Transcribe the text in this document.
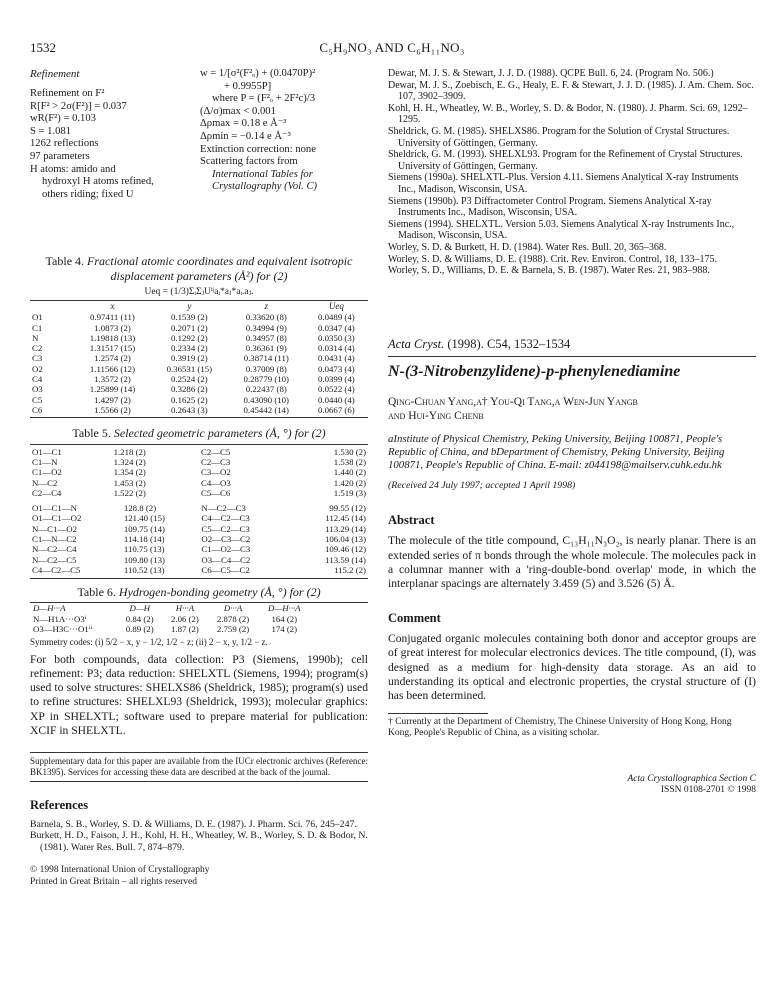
1532	C₅H₉NO₃ AND C₆H₁₁NO₃
Refinement
Refinement on F²
R[F² > 2σ(F²)] = 0.037
wR(F²) = 0.103
S = 1.081
1262 reflections
97 parameters
H atoms: amido and
hydroxyl H atoms refined,
others riding; fixed U
w = 1/[σ²(F²ₒ) + (0.0470P)²
+ 0.9955P]
where P = (F²ₒ + 2F²c)/3
(Δ/σ)max < 0.001
Δρmax = 0.18 e Å⁻³
Δρmin = −0.14 e Å⁻³
Extinction correction: none
Scattering factors from
International Tables for
Crystallography (Vol. C)
Table 4. Fractional atomic coordinates and equivalent isotropic displacement parameters (Å²) for (2)
Ueq = (1/3)ΣᵢΣⱼUⁱʲaᵢ*aⱼ*aᵢ.aⱼ.
	x	y	z	Ueq
O1	0.97411 (11)	0.1539 (2)	0.33620 (8)	0.0489 (4)
C1	1.0873 (2)	0.2071 (2)	0.34994 (9)	0.0347 (4)
N	1.19818 (13)	0.1292 (2)	0.34957 (8)	0.0350 (3)
C2	1.31517 (15)	0.2334 (2)	0.36361 (9)	0.0314 (4)
C3	1.2574 (2)	0.3919 (2)	0.38714 (11)	0.0431 (4)
O2	1.11566 (12)	0.36531 (15)	0.37009 (8)	0.0473 (4)
C4	1.3572 (2)	0.2524 (2)	0.28779 (10)	0.0399 (4)
O3	1.25899 (14)	0.3286 (2)	0.22437 (8)	0.0522 (4)
C5	1.4297 (2)	0.1625 (2)	0.43090 (10)	0.0440 (4)
C6	1.5566 (2)	0.2643 (3)	0.45442 (14)	0.0667 (6)
Table 5. Selected geometric parameters (Å, °) for (2)
O1—C1	1.218 (2)	C2—C5	1.530 (2)
C1—N	1.324 (2)	C2—C3	1.538 (2)
C1—O2	1.354 (2)	C3—O2	1.440 (2)
N—C2	1.453 (2)	C4—O3	1.420 (2)
C2—C4	1.522 (2)	C5—C6	1.519 (3)
O1—C1—N	128.8 (2)	N—C2—C3	99.55 (12)
O1—C1—O2	121.40 (15)	C4—C2—C3	112.45 (14)
N—C1—O2	109.75 (14)	C5—C2—C3	113.29 (14)
C1—N—C2	114.18 (14)	O2—C3—C2	106.04 (13)
N—C2—C4	110.75 (13)	C1—O2—C3	109.46 (12)
N—C2—C5	109.80 (13)	O3—C4—C2	113.59 (14)
C4—C2—C5	110.52 (13)	C6—C5—C2	115.2 (2)
Table 6. Hydrogen-bonding geometry (Å, °) for (2)
D—H···A	D—H	H···A	D···A	D—H···A
N—H1A···O3ⁱ	0.84 (2)	2.06 (2)	2.878 (2)	164 (2)
O3—H3C···O1ⁱⁱ	0.89 (2)	1.87 (2)	2.759 (2)	174 (2)
Symmetry codes: (i) 5/2 − x, y − 1/2, 1/2 − z; (ii) 2 − x, y, 1/2 − z.
For both compounds, data collection: P3 (Siemens, 1990b); cell refinement: P3; data reduction: SHELXTL (Siemens, 1994); program(s) used to solve structures: SHELXS86 (Sheldrick, 1985); program(s) used to refine structures: SHELXL93 (Sheldrick, 1993); molecular graphics: XP in SHELXTL; software used to prepare material for publication: XCIF in SHELXTL.
Supplementary data for this paper are available from the IUCr electronic archives (Reference: BK1395). Services for accessing these data are described at the back of the journal.
References
Barnela, S. B., Worley, S. D. & Williams, D. E. (1987). J. Pharm. Sci. 76, 245–247.
Burkett, H. D., Faison, J. H., Kohl, H. H., Wheatley, W. B., Worley, S. D. & Bodor, N. (1981). Water Res. Bull. 7, 874–879.
© 1998 International Union of Crystallography
Printed in Great Britain – all rights reserved
Dewar, M. J. S. & Stewart, J. J. D. (1988). QCPE Bull. 6, 24. (Program No. 506.)
Dewar, M. J. S., Zoebisch, E. G., Healy, E. F. & Stewart, J. J. D. (1985). J. Am. Chem. Soc. 107, 3902–3909.
Kohl, H. H., Wheatley, W. B., Worley, S. D. & Bodor, N. (1980). J. Pharm. Sci. 69, 1292–1295.
Sheldrick, G. M. (1985). SHELXS86. Program for the Solution of Crystal Structures. University of Göttingen, Germany.
Sheldrick, G. M. (1993). SHELXL93. Program for the Refinement of Crystal Structures. University of Göttingen, Germany.
Siemens (1990a). SHELXTL-Plus. Version 4.11. Siemens Analytical X-ray Instruments Inc., Madison, Wisconsin, USA.
Siemens (1990b). P3 Diffractometer Control Program. Siemens Analytical X-ray Instruments Inc., Madison, Wisconsin, USA.
Siemens (1994). SHELXTL. Version 5.03. Siemens Analytical X-ray Instruments Inc., Madison, Wisconsin, USA.
Worley, S. D. & Burkett, H. D. (1984). Water Res. Bull. 20, 365–368.
Worley, S. D. & Williams, D. E. (1988). Crit. Rev. Environ. Control, 18, 133–175.
Worley, S. D., Williams, D. E. & Barnela, S. B. (1987). Water Res. 21, 983–988.
Acta Cryst. (1998). C54, 1532–1534
N-(3-Nitrobenzylidene)-p-phenylenediamine
Qing-Chuan Yang,a† You-Qi Tang,a Wen-Jun Yangb
and Hui-Ying Chenb
aInstitute of Physical Chemistry, Peking University, Beijing 100871, People's Republic of China, and bDepartment of Chemistry, Peking University, Beijing 100871, People's Republic of China. E-mail: z044198@mailserv.cuhk.edu.hk
(Received 24 July 1997; accepted 1 April 1998)
Abstract
The molecule of the title compound, C₁₃H₁₁N₃O₂, is nearly planar. There is an extended series of π bonds through the whole molecule. The molecules pack in a columnar manner with a 'ring-double-bond overlap' mode, in which the interplanar spacings are alternately 3.459 (5) and 3.526 (5) Å.
Comment
Conjugated organic molecules containing both donor and acceptor groups are of great interest for molecular electronics devices. The title compound, (I), was designed as a medium for high-density data storage. As an aid to understanding its optical and electronic properties, the crystal structure of (I) has been determined.
† Currently at the Department of Chemistry, The Chinese University of Hong Kong, Hong Kong, People's Republic of China, as a visiting scholar.
Acta Crystallographica Section C
ISSN 0108-2701 © 1998
